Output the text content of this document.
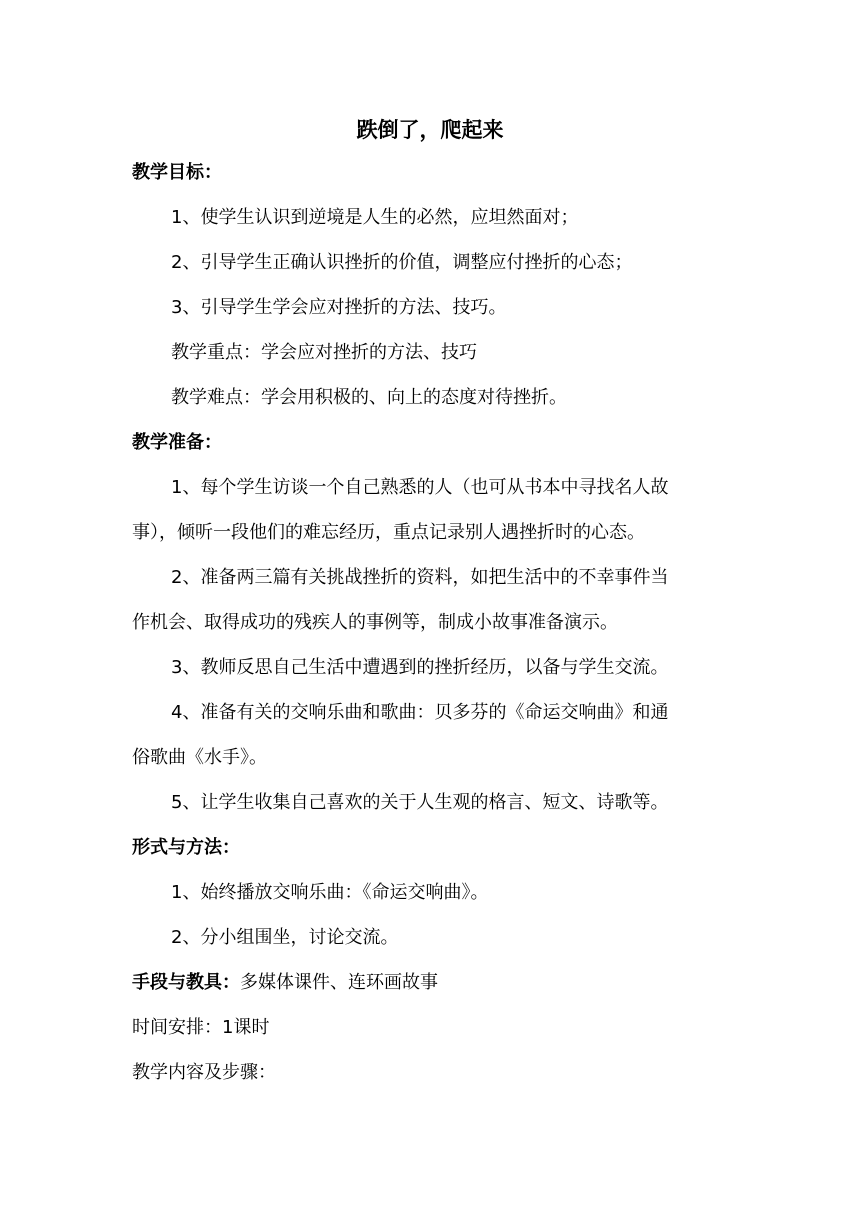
跌倒了，爬起来
教学目标：
1、使学生认识到逆境是人生的必然，应坦然面对；
2、引导学生正确认识挫折的价值，调整应付挫折的心态；
3、引导学生学会应对挫折的方法、技巧。
教学重点：学会应对挫折的方法、技巧
教学难点：学会用积极的、向上的态度对待挫折。
教学准备：
1、每个学生访谈一个自己熟悉的人（也可从书本中寻找名人故
事），倾听一段他们的难忘经历，重点记录别人遇挫折时的心态。
2、准备两三篇有关挑战挫折的资料，如把生活中的不幸事件当
作机会、取得成功的残疾人的事例等，制成小故事准备演示。
3、教师反思自己生活中遭遇到的挫折经历，以备与学生交流。
4、准备有关的交响乐曲和歌曲：贝多芬的《命运交响曲》和通
俗歌曲《水手》。
5、让学生收集自己喜欢的关于人生观的格言、短文、诗歌等。
形式与方法：
1、始终播放交响乐曲：《命运交响曲》。
2、分小组围坐，讨论交流。
手段与教具：多媒体课件、连环画故事
时间安排：1课时
教学内容及步骤：
